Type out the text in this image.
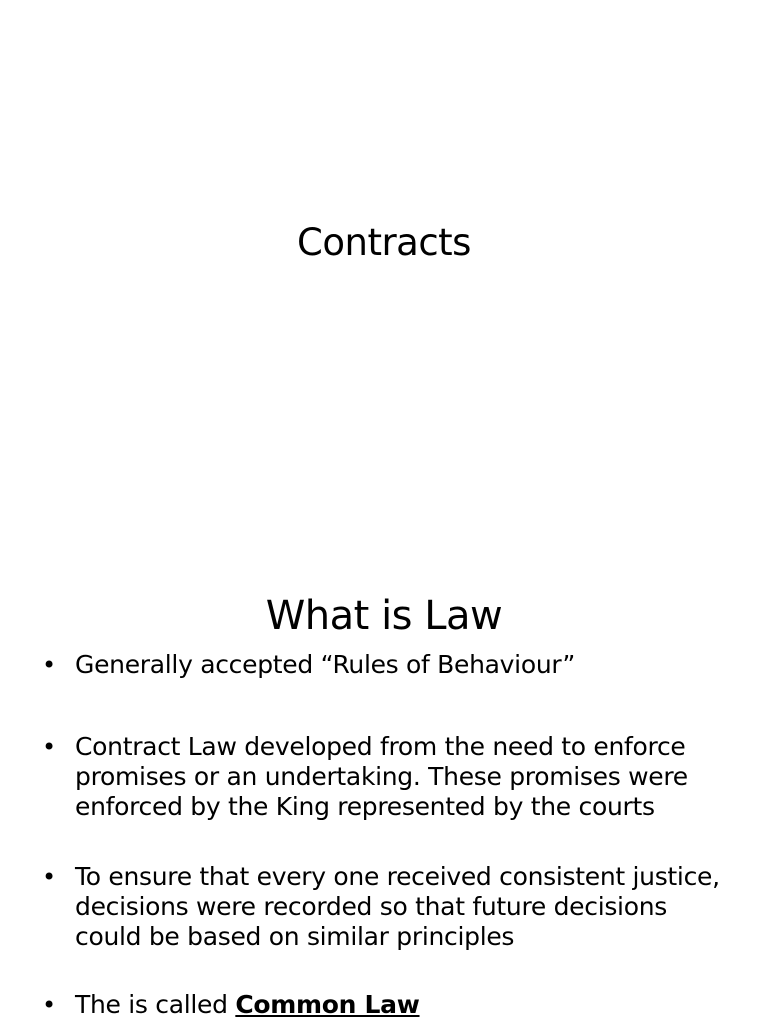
Contracts
What is Law
• Generally accepted “Rules of Behaviour”
• Contract Law developed from the need to enforce promises or an undertaking. These promises were enforced by the King represented by the courts
• To ensure that every one received consistent justice, decisions were recorded so that future decisions could be based on similar principles
• The is called Common Law
